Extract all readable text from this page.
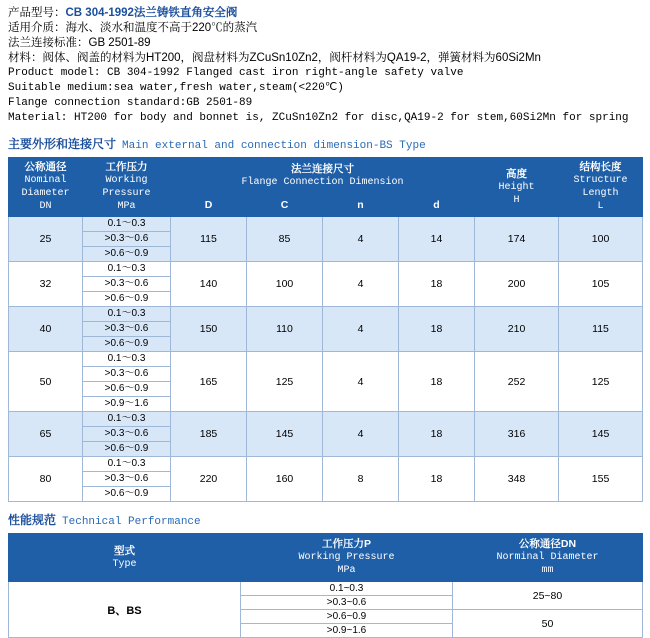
产品型号：CB 304-1992法兰铸铁直角安全阀
适用介质：海水、淡水和温度不高于220℃的蒸汽
法兰连接标准：GB 2501-89
材料：阀体、阀盖的材料为HT200，阀盘材料为ZCuSn10Zn2，阀杆材料为QA19-2，弹簧材料为60Si2Mn
Product model: CB 304-1992 Flanged cast iron right-angle safety valve
Suitable medium:sea water,fresh water,steam(<220℃)
Flange connection standard:GB 2501-89
Material: HT200 for body and bonnet is, ZCuSn10Zn2 for disc,QA19-2 for stem,60Si2Mn for spring
主要外形和连接尺寸 Main external and connection dimension-BS Type
公称通径
Nominal
Diameter
DN	工作压力
Working
Pressure
MPa	法兰连接尺寸
Flange Connection Dimension				高度
Height
H	结构长度
Structure Length
L

		D	C	n	d		
25	0.1～0.3	115	85	4	14	174	100
	>0.3～0.6						
	>0.6～0.9						
32	0.1～0.3	140	100	4	18	200	105
	>0.3～0.6						
	>0.6～0.9						
40	0.1～0.3	150	110	4	18	210	115
	>0.3～0.6						
	>0.6～0.9						
50	0.1～0.3	165	125	4	18	252	125
	>0.3～0.6						
	>0.6～0.9						
	>0.9～1.6						
65	0.1～0.3	185	145	4	18	316	145
	>0.3～0.6						
	>0.6～0.9						
80	0.1～0.3	220	160	8	18	348	155
	>0.3～0.6						
	>0.6～0.9						
性能规范 Technical Performance
型式
Type	工作压力P
Working Pressure
MPa	公称通径DN
Norminal Diameter
mm

B、BS	0.1~0.3	25~80
	>0.3~0.6	
	>0.6~0.9	50
	>0.9~1.6	
